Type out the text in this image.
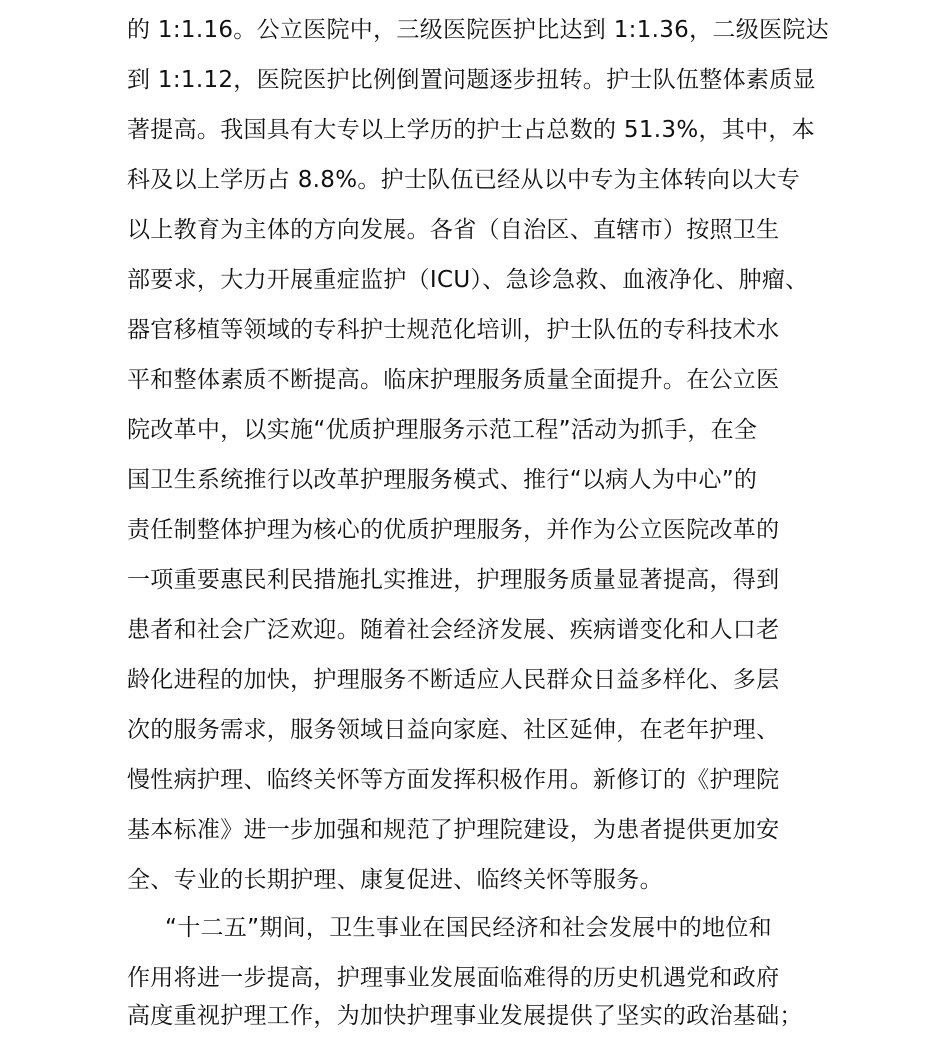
的 1:1.16。公立医院中，三级医院医护比达到 1:1.36，二级医院达

到 1:1.12，医院医护比例倒置问题逐步扭转。护士队伍整体素质显

著提高。我国具有大专以上学历的护士占总数的 51.3%，其中，本

科及以上学历占 8.8%。护士队伍已经从以中专为主体转向以大专

以上教育为主体的方向发展。各省（自治区、直辖市）按照卫生

部要求，大力开展重症监护（ICU）、急诊急救、血液净化、肿瘤、

器官移植等领域的专科护士规范化培训，护士队伍的专科技术水

平和整体素质不断提高。临床护理服务质量全面提升。在公立医

院改革中，以实施“优质护理服务示范工程”活动为抓手，在全

国卫生系统推行以改革护理服务模式、推行“以病人为中心”的

责任制整体护理为核心的优质护理服务，并作为公立医院改革的

一项重要惠民利民措施扎实推进，护理服务质量显著提高，得到

患者和社会广泛欢迎。随着社会经济发展、疾病谱变化和人口老

龄化进程的加快，护理服务不断适应人民群众日益多样化、多层

次的服务需求，服务领域日益向家庭、社区延伸，在老年护理、

慢性病护理、临终关怀等方面发挥积极作用。新修订的《护理院

基本标准》进一步加强和规范了护理院建设，为患者提供更加安

全、专业的长期护理、康复促进、临终关怀等服务。

“十二五”期间，卫生事业在国民经济和社会发展中的地位和

作用将进一步提高，护理事业发展面临难得的历史机遇党和政府

高度重视护理工作，为加快护理事业发展提供了坚实的政治基础；
